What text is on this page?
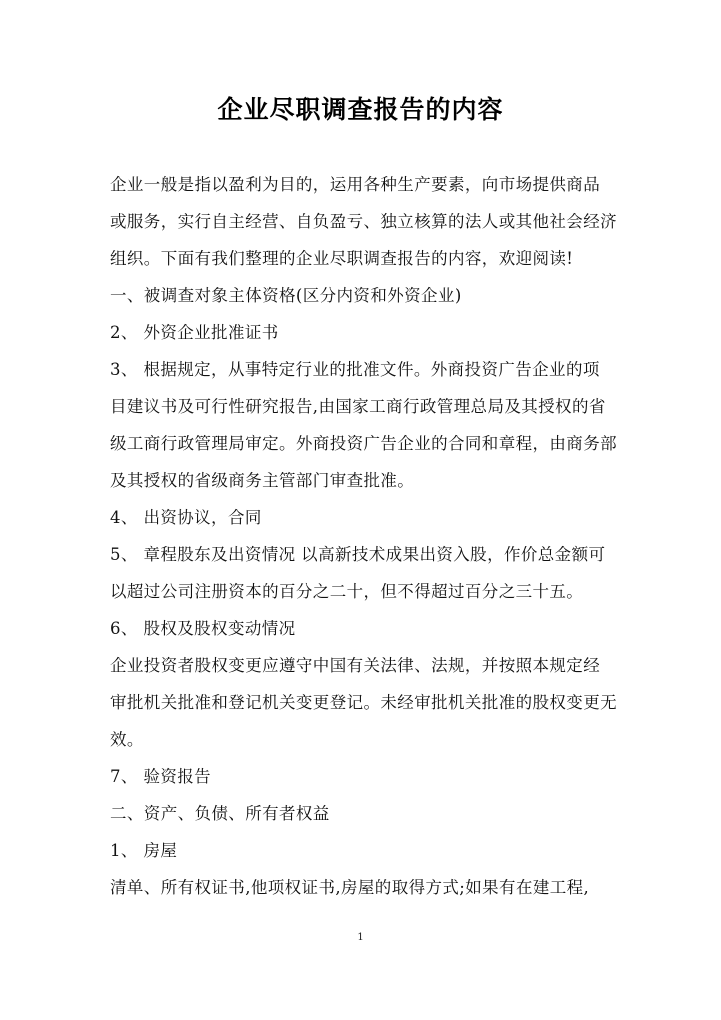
企业尽职调查报告的内容
企业一般是指以盈利为目的，运用各种生产要素，向市场提供商品
或服务，实行自主经营、自负盈亏、独立核算的法人或其他社会经济
组织。下面有我们整理的企业尽职调查报告的内容，欢迎阅读!
一、被调查对象主体资格(区分内资和外资企业)
2、 外资企业批准证书
3、 根据规定，从事特定行业的批准文件。外商投资广告企业的项
目建议书及可行性研究报告,由国家工商行政管理总局及其授权的省
级工商行政管理局审定。外商投资广告企业的合同和章程，由商务部
及其授权的省级商务主管部门审查批准。
4、 出资协议，合同
5、 章程股东及出资情况 以高新技术成果出资入股，作价总金额可
以超过公司注册资本的百分之二十，但不得超过百分之三十五。
6、 股权及股权变动情况
企业投资者股权变更应遵守中国有关法律、法规，并按照本规定经
审批机关批准和登记机关变更登记。未经审批机关批准的股权变更无
效。
7、 验资报告
二、资产、负债、所有者权益
1、 房屋
清单、所有权证书,他项权证书,房屋的取得方式;如果有在建工程,
1
